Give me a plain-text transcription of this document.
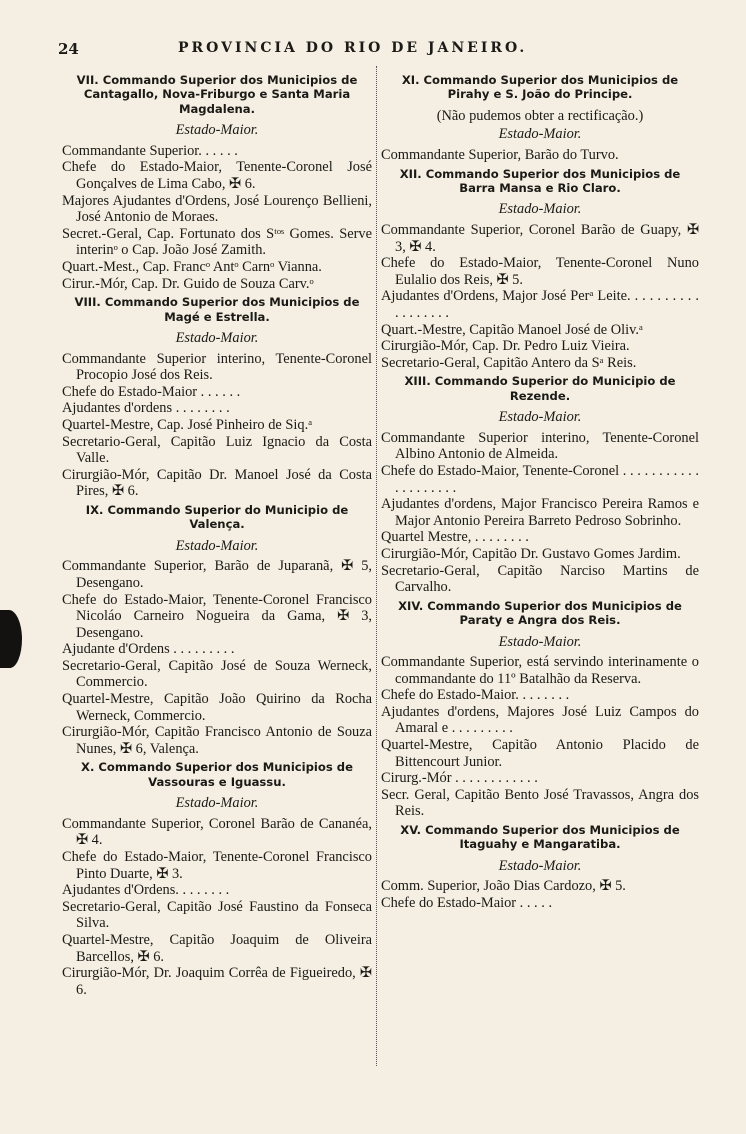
24	PROVINCIA DO RIO DE JANEIRO.
VII. Commando Superior dos Municipios de Cantagallo, Nova-Friburgo e Santa Maria Magdalena.
Estado-Maior.
Commandante Superior. . . . . .
Chefe do Estado-Maior, Tenente-Coronel José Gonçalves de Lima Cabo, ✠ 6.
Majores Ajudantes d'Ordens, José Lourenço Bellieni, José Antonio de Moraes.
Secret.-Geral, Cap. Fortunato dos Sᵗᵒˢ Gomes. Serve interinᵒ o Cap. João José Zamith.
Quart.-Mest., Cap. Francᵒ Antᵒ Carnᵒ Vianna.
Cirur.-Mór, Cap. Dr. Guido de Souza Carv.ᵒ
VIII. Commando Superior dos Municipios de Magé e Estrella.
Estado-Maior.
Commandante Superior interino, Tenente-Coronel Procopio José dos Reis.
Chefe do Estado-Maior . . . . . .
Ajudantes d'ordens . . . . . . . .
Quartel-Mestre, Cap. José Pinheiro de Siq.ᵃ
Secretario-Geral, Capitão Luiz Ignacio da Costa Valle.
Cirurgião-Mór, Capitão Dr. Manoel José da Costa Pires, ✠ 6.
IX. Commando Superior do Municipio de Valença.
Estado-Maior.
Commandante Superior, Barão de Juparanã, ✠ 5, Desengano.
Chefe do Estado-Maior, Tenente-Coronel Francisco Nicoláo Carneiro Nogueira da Gama, ✠ 3, Desengano.
Ajudante d'Ordens . . . . . . . . .
Secretario-Geral, Capitão José de Souza Werneck, Commercio.
Quartel-Mestre, Capitão João Quirino da Rocha Werneck, Commercio.
Cirurgião-Mór, Capitão Francisco Antonio de Souza Nunes, ✠ 6, Valença.
X. Commando Superior dos Municipios de Vassouras e Iguassu.
Estado-Maior.
Commandante Superior, Coronel Barão de Cananéa, ✠ 4.
Chefe do Estado-Maior, Tenente-Coronel Francisco Pinto Duarte, ✠ 3.
Ajudantes d'Ordens. . . . . . . .
Secretario-Geral, Capitão José Faustino da Fonseca Silva.
Quartel-Mestre, Capitão Joaquim de Oliveira Barcellos, ✠ 6.
Cirurgião-Mór, Dr. Joaquim Corrêa de Figueiredo, ✠ 6.
XI. Commando Superior dos Municipios de Pirahy e S. João do Principe.
(Não pudemos obter a rectificação.)
Estado-Maior.
Commandante Superior, Barão do Turvo.
XII. Commando Superior dos Municipios de Barra Mansa e Rio Claro.
Estado-Maior.
Commandante Superior, Coronel Barão de Guapy, ✠ 3, ✠ 4.
Chefe do Estado-Maior, Tenente-Coronel Nuno Eulalio dos Reis, ✠ 5.
Ajudantes d'Ordens, Major José Perᵃ Leite. . . . . . . . . . . . . . . . . .
Quart.-Mestre, Capitão Manoel José de Oliv.ᵃ
Cirurgião-Mór, Cap. Dr. Pedro Luiz Vieira.
Secretario-Geral, Capitão Antero da Sᵃ Reis.
XIII. Commando Superior do Municipio de Rezende.
Estado-Maior.
Commandante Superior interino, Tenente-Coronel Albino Antonio de Almeida.
Chefe do Estado-Maior, Tenente-Coronel . . . . . . . . . . . . . . . . . . . .
Ajudantes d'ordens, Major Francisco Pereira Ramos e Major Antonio Pereira Barreto Pedroso Sobrinho.
Quartel Mestre, . . . . . . . .
Cirurgião-Mór, Capitão Dr. Gustavo Gomes Jardim.
Secretario-Geral, Capitão Narciso Martins de Carvalho.
XIV. Commando Superior dos Municipios de Paraty e Angra dos Reis.
Estado-Maior.
Commandante Superior, está servindo interinamente o commandante do 11º Batalhão da Reserva.
Chefe do Estado-Maior. . . . . . . .
Ajudantes d'ordens, Majores José Luiz Campos do Amaral e . . . . . . . . .
Quartel-Mestre, Capitão Antonio Placido de Bittencourt Junior.
Cirurg.-Mór . . . . . . . . . . . .
Secr. Geral, Capitão Bento José Travassos, Angra dos Reis.
XV. Commando Superior dos Municipios de Itaguahy e Mangaratiba.
Estado-Maior.
Comm. Superior, João Dias Cardozo, ✠ 5.
Chefe do Estado-Maior . . . . .
